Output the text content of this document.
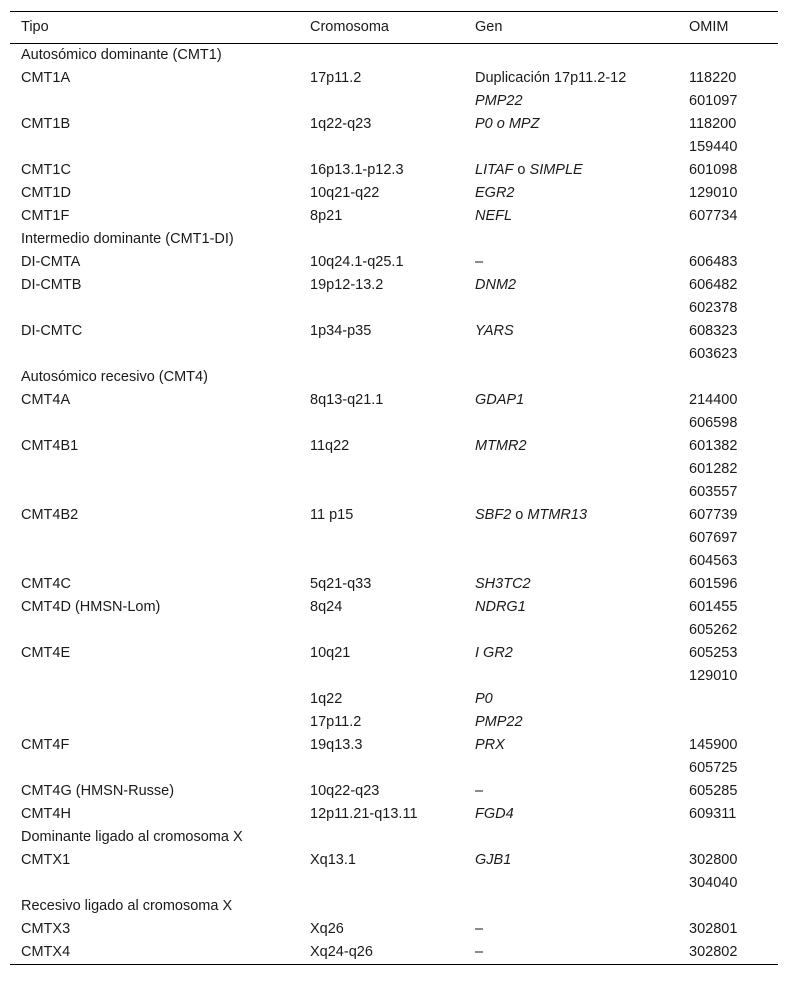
Tipo	Cromosoma	Gen	OMIM
Autosómico dominante (CMT1)			
CMT1A	17p11.2	Duplicación 17p11.2-12	118220
		PMP22	601097
CMT1B	1q22-q23	P0 o MPZ	118200
			159440
CMT1C	16p13.1-p12.3	LITAF o SIMPLE	601098
CMT1D	10q21-q22	EGR2	129010
CMT1F	8p21	NEFL	607734
Intermedio dominante (CMT1-DI)			
DI-CMTA	10q24.1-q25.1	–	606483
DI-CMTB	19p12-13.2	DNM2	606482
			602378
DI-CMTC	1p34-p35	YARS	608323
			603623
Autosómico recesivo (CMT4)			
CMT4A	8q13-q21.1	GDAP1	214400
			606598
CMT4B1	11q22	MTMR2	601382
			601282
			603557
CMT4B2	11 p15	SBF2 o MTMR13	607739
			607697
			604563
CMT4C	5q21-q33	SH3TC2	601596
CMT4D (HMSN-Lom)	8q24	NDRG1	601455
			605262
CMT4E	10q21	I GR2	605253
			129010
	1q22	P0	
	17p11.2	PMP22	
CMT4F	19q13.3	PRX	145900
			605725
CMT4G (HMSN-Russe)	10q22-q23	–	605285
CMT4H	12p11.21-q13.11	FGD4	609311
Dominante ligado al cromosoma X			
CMTX1	Xq13.1	GJB1	302800
			304040
Recesivo ligado al cromosoma X			
CMTX3	Xq26	–	302801
CMTX4	Xq24-q26	–	302802
